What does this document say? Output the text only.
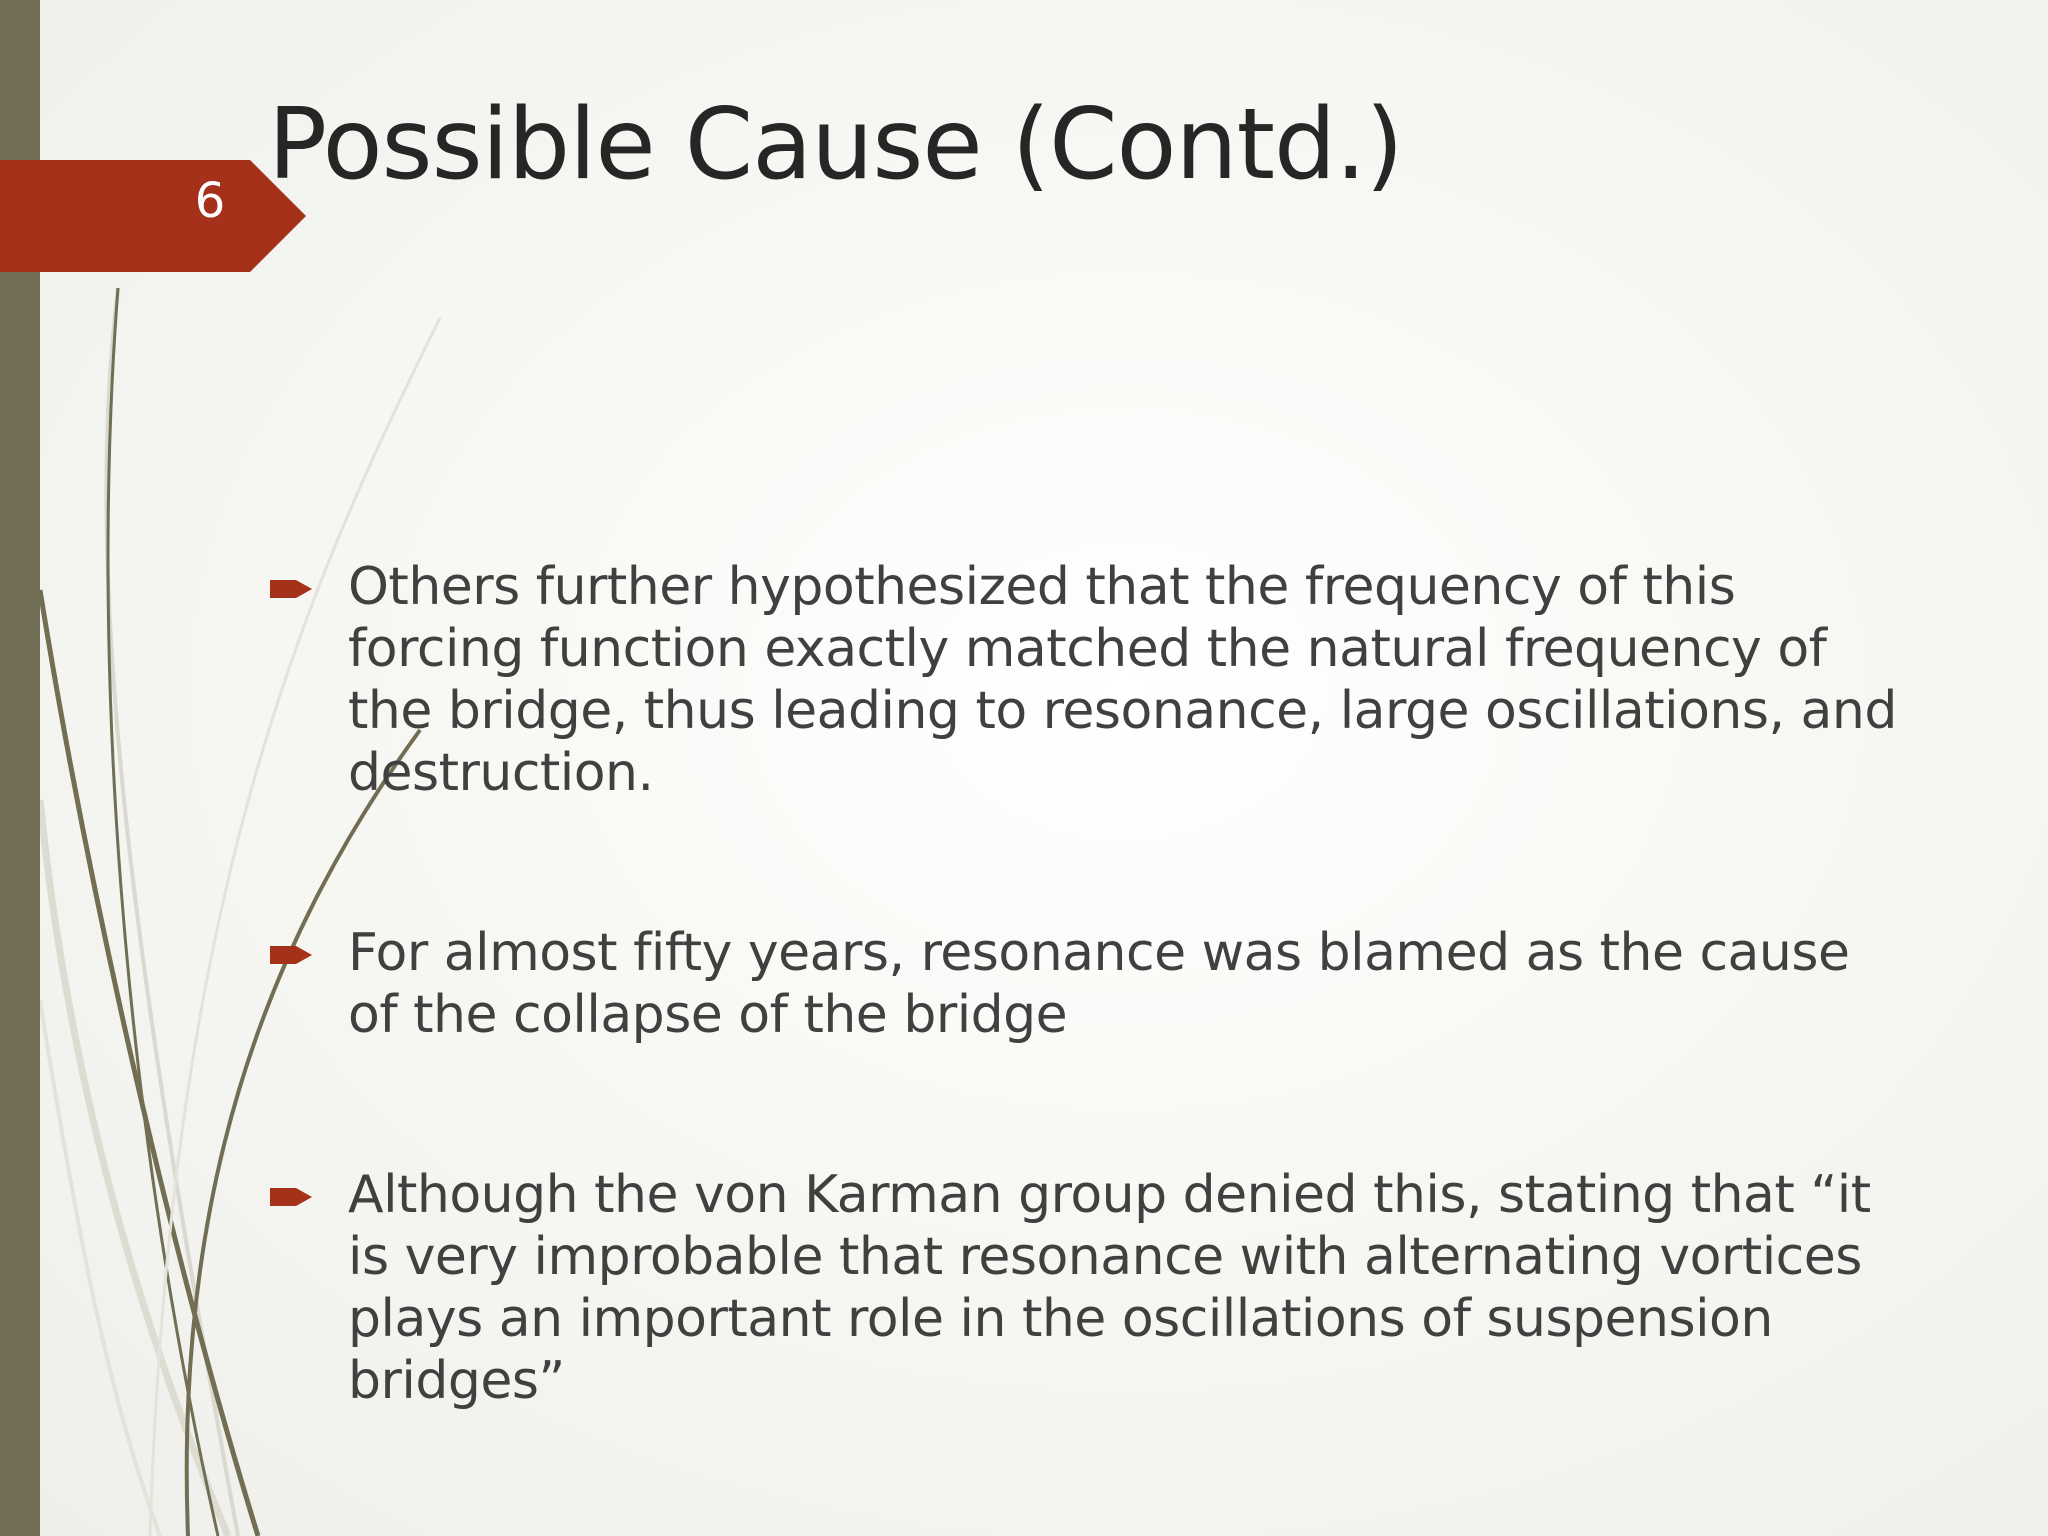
6 Possible Cause (Contd.)
Others further hypothesized that the frequency of this forcing function exactly matched the natural frequency of the bridge, thus leading to resonance, large oscillations, and destruction.
For almost fifty years, resonance was blamed as the cause of the collapse of the bridge
Although the von Karman group denied this, stating that “it is very improbable that resonance with alternating vortices plays an important role in the oscillations of suspension bridges”
